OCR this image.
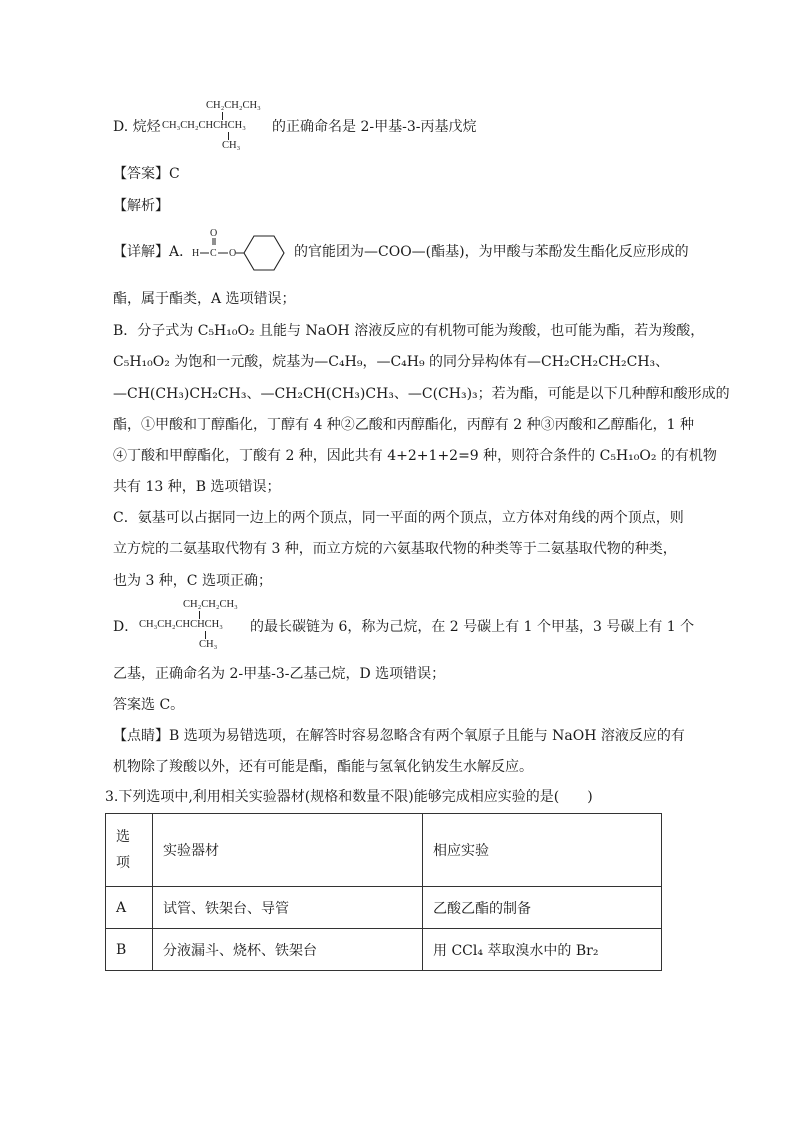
D. 烷烃
CH₂CH₂CH₃
CH₃CH₂CHCHCH₃
CH₃
的正确命名是 2-甲基-3-丙基戊烷
【答案】C
【解析】
【详解】A．
H C
O
O	的官能团为—COO—(酯基)，为甲酸与苯酚发生酯化反应形成的
酯，属于酯类，A 选项错误；
B．分子式为 C₅H₁₀O₂ 且能与 NaOH 溶液反应的有机物可能为羧酸，也可能为酯，若为羧酸，
C₅H₁₀O₂ 为饱和一元酸，烷基为—C₄H₉，—C₄H₉ 的同分异构体有—CH₂CH₂CH₂CH₃、
—CH(CH₃)CH₂CH₃、—CH₂CH(CH₃)CH₃、—C(CH₃)₃；若为酯，可能是以下几种醇和酸形成的
酯，①甲酸和丁醇酯化，丁醇有 4 种②乙酸和丙醇酯化，丙醇有 2 种③丙酸和乙醇酯化，1 种
④丁酸和甲醇酯化，丁酸有 2 种，因此共有 4+2+1+2=9 种，则符合条件的 C₅H₁₀O₂ 的有机物
共有 13 种，B 选项错误；
C．氨基可以占据同一边上的两个顶点，同一平面的两个顶点，立方体对角线的两个顶点，则
立方烷的二氨基取代物有 3 种，而立方烷的六氨基取代物的种类等于二氨基取代物的种类，
也为 3 种，C 选项正确；
D．
CH₂CH₂CH₃
CH₃CH₂CHCHCH₃
CH₃
的最长碳链为 6，称为己烷，在 2 号碳上有 1 个甲基，3 号碳上有 1 个
乙基，正确命名为 2-甲基-3-乙基己烷，D 选项错误；
答案选 C。
【点睛】B 选项为易错选项，在解答时容易忽略含有两个氧原子且能与 NaOH 溶液反应的有
机物除了羧酸以外，还有可能是酯，酯能与氢氧化钠发生水解反应。
3.下列选项中,利用相关实验器材(规格和数量不限)能够完成相应实验的是(　　)
选
项	实验器材	相应实验
A	试管、铁架台、导管	乙酸乙酯的制备
B	分液漏斗、烧杯、铁架台	用 CCl₄ 萃取溴水中的 Br₂
